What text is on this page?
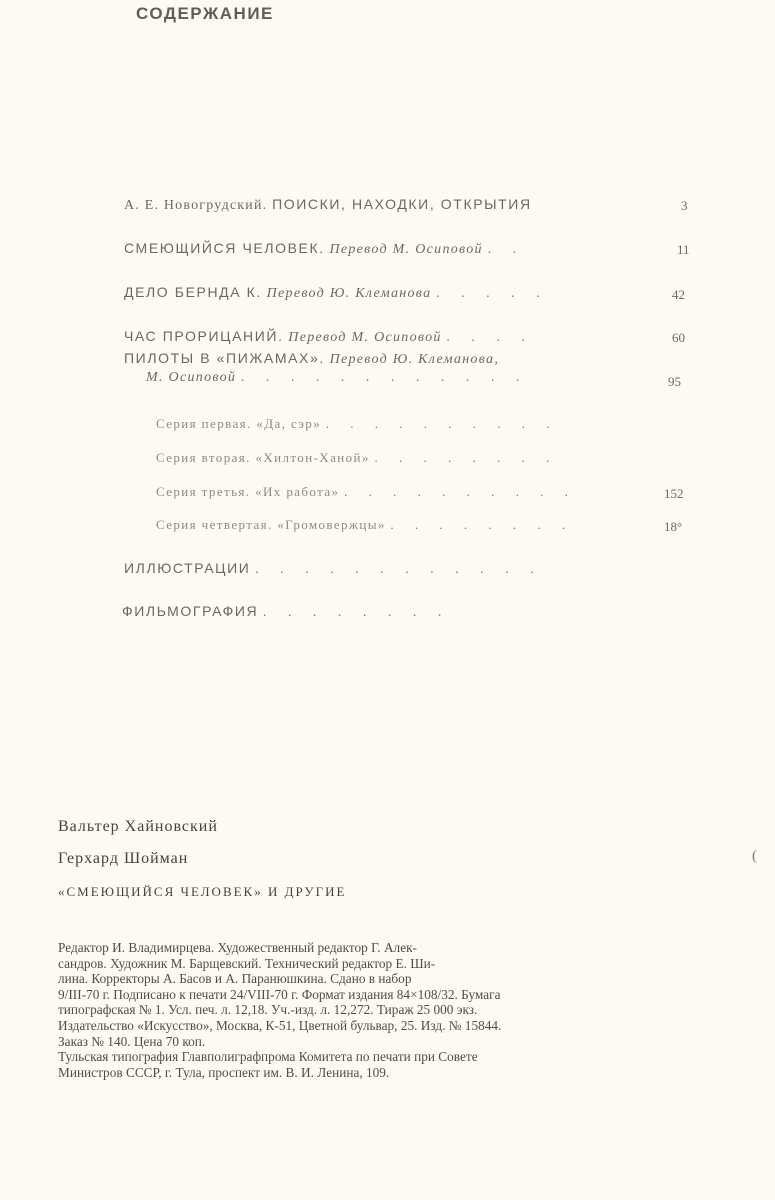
СОДЕРЖАНИЕ
А. Е. Новогрудский. ПОИСКИ, НАХОДКИ, ОТКРЫТИЯ	3
СМЕЮЩИЙСЯ ЧЕЛОВЕК. Перевод М. Осиповой . .	11
ДЕЛО БЕРНДА К. Перевод Ю. Клеманова . . . . .	42
ЧАС ПРОРИЦАНИЙ. Перевод М. Осиповой . . . .	60
ПИЛОТЫ В «ПИЖАМАХ». Перевод Ю. Клеманова,
М. Осиповой . . . . . . . . . . . .	95
Серия первая. «Да, сэр» . . . . . . . . . .
Серия вторая. «Хилтон-Ханой» . . . . . . . .
Серия третья. «Их работа» . . . . . . . . . .	152
Серия четвертая. «Громовержцы» . . . . . . . .	18°
ИЛЛЮСТРАЦИИ . . . . . . . . . . . .
ФИЛЬМОГРАФИЯ . . . . . . . .
Вальтер Хайновский
Герхард Шойман	(
«СМЕЮЩИЙСЯ ЧЕЛОВЕК» И ДРУГИЕ
Редактор И. Владимирцева. Художественный редактор Г. Алек-
сандров. Художник М. Барщевский. Технический редактор Е. Ши-
лина. Корректоры А. Басов и А. Паранюшкина. Сдано в набор
9/III-70 г. Подписано к печати 24/VIII-70 г. Формат издания 84×108/32. Бумага
типографская № 1. Усл. печ. л. 12,18. Уч.-изд. л. 12,272. Тираж 25 000 экз.
Издательство «Искусство», Москва, К-51, Цветной бульвар, 25. Изд. № 15844.
Заказ № 140. Цена 70 коп.
Тульская типография Главполиграфпрома Комитета по печати при Совете
Министров СССР, г. Тула, проспект им. В. И. Ленина, 109.
